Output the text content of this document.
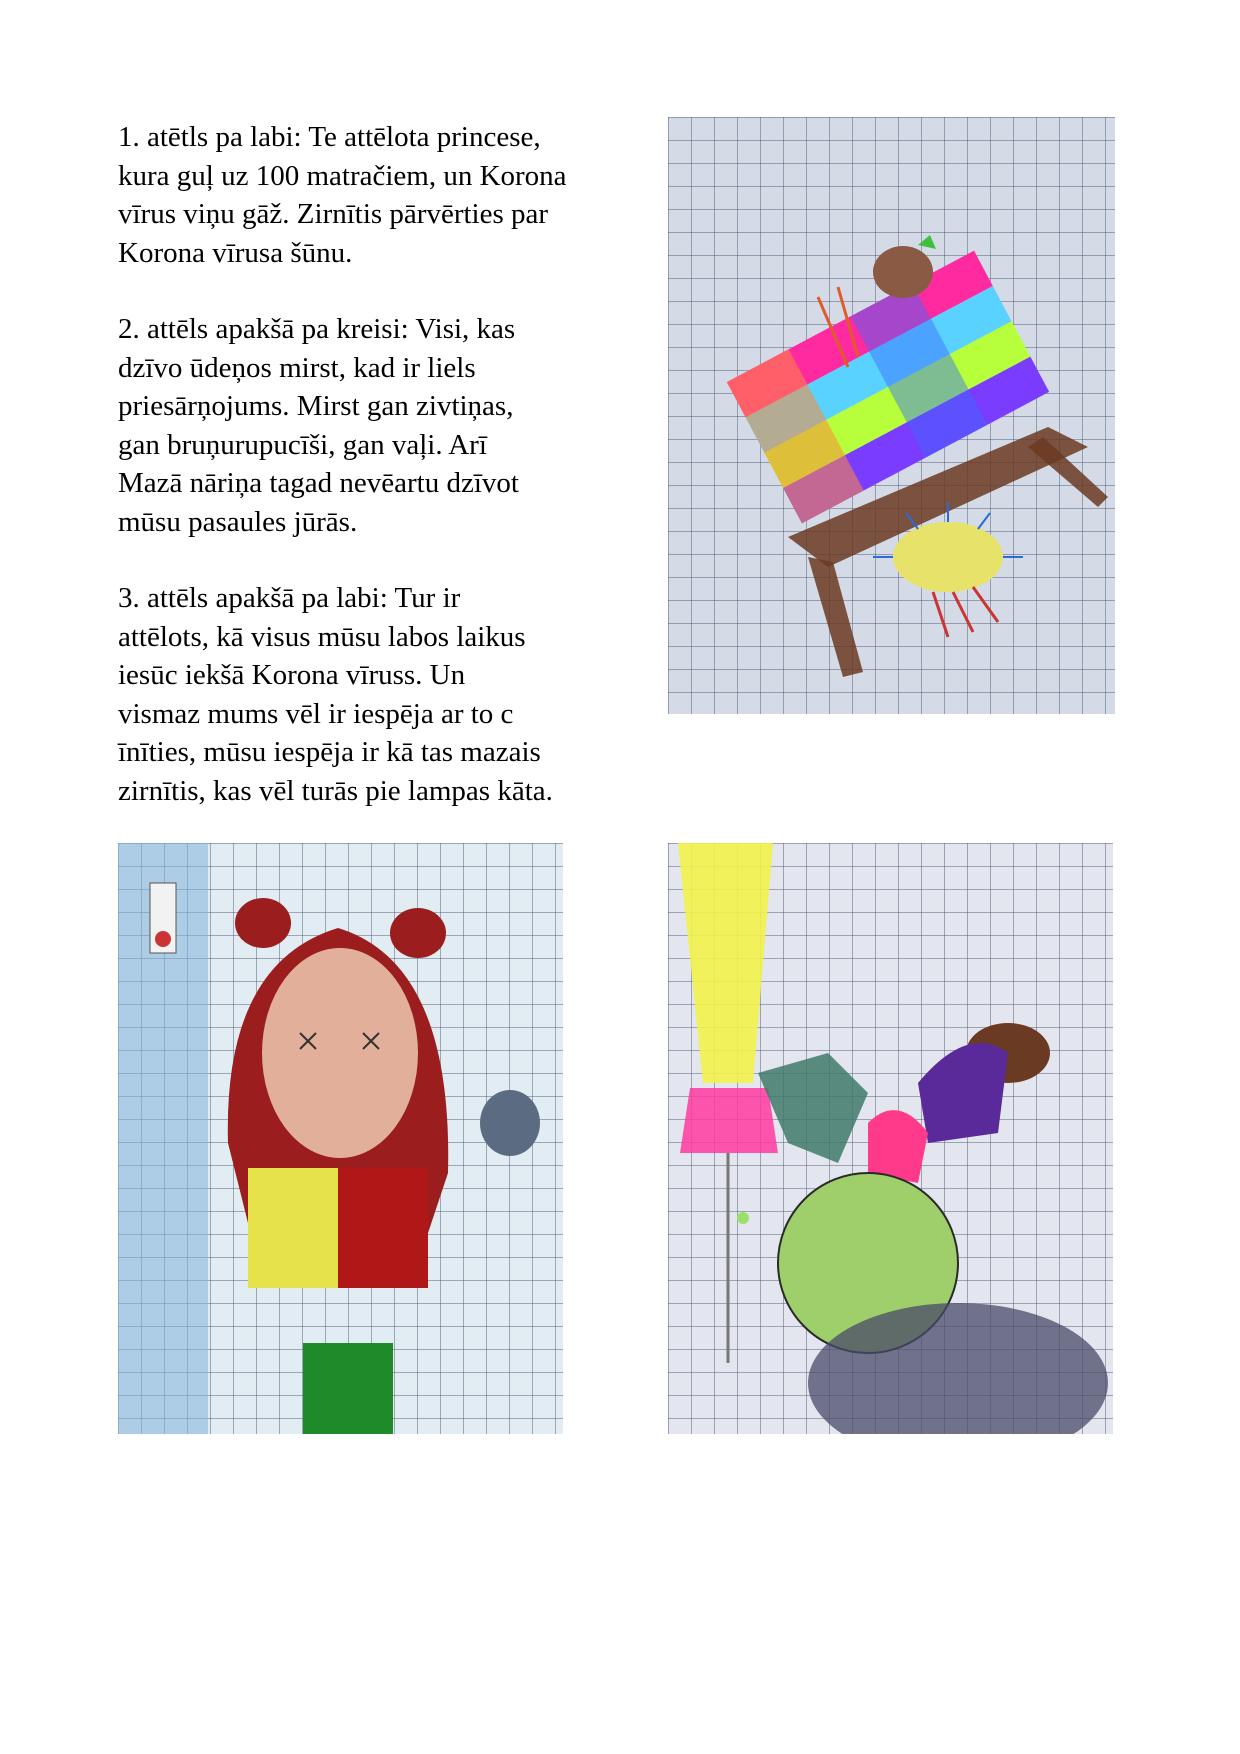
1. atētls pa labi: Te attēlota princese,
kura guļ uz 100 matračiem, un Korona
vīrus viņu gāž. Zirnītis pārvērties par
Korona vīrusa šūnu.

2. attēls apakšā pa kreisi: Visi, kas
dzīvo ūdeņos mirst, kad ir liels
priesārņojums. Mirst gan zivtiņas,
gan bruņurupucīši, gan vaļi. Arī
Mazā nāriņa tagad nevēartu dzīvot
mūsu pasaules jūrās.

3. attēls apakšā pa labi: Tur ir
attēlots, kā visus mūsu labos laikus
iesūc iekšā Korona vīruss. Un
vismaz mums vēl ir iespēja ar to c
īnīties, mūsu iespēja ir kā tas mazais
zirnītis, kas vēl turās pie lampas kāta.
